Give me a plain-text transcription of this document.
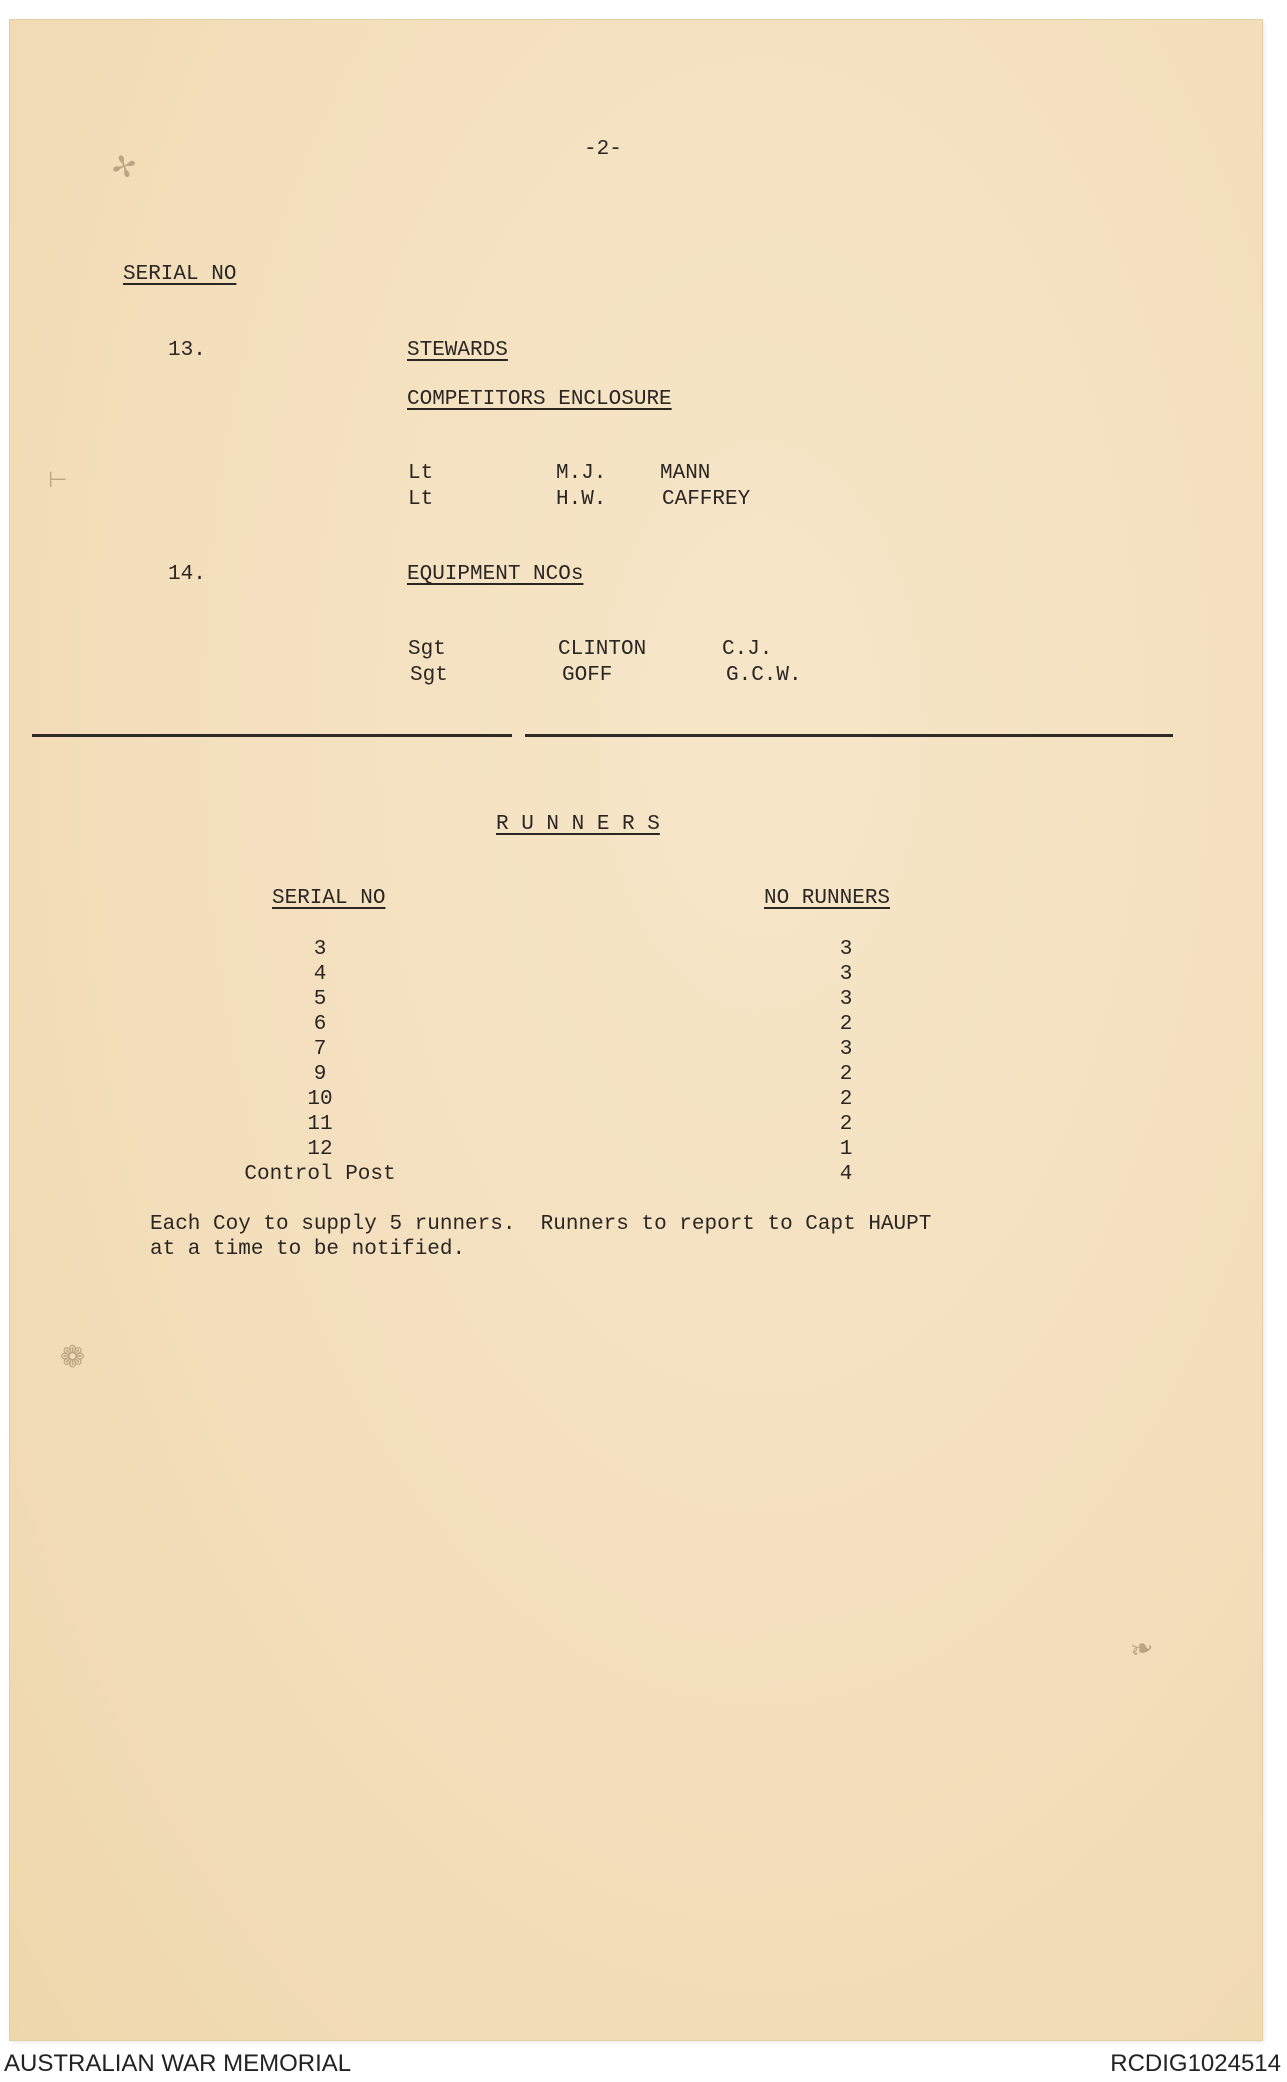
✢
⊢
❁
❧
-2-
SERIAL NO
13.	STEWARDS
COMPETITORS ENCLOSURE
Lt	M.J.	MANN
Lt	H.W.	CAFFREY
14.	EQUIPMENT NCOs
Sgt	CLINTON	C.J.
Sgt	GOFF	G.C.W.
R U N N E R S
SERIAL NO	NO RUNNERS
3	3
4	3
5	3
6	2
7	3
9	2
10	2
11	2
12	1
Control Post	4
Each Coy to supply 5 runners.  Runners to report to Capt HAUPT
at a time to be notified.
AUSTRALIAN WAR MEMORIAL	RCDIG1024514
